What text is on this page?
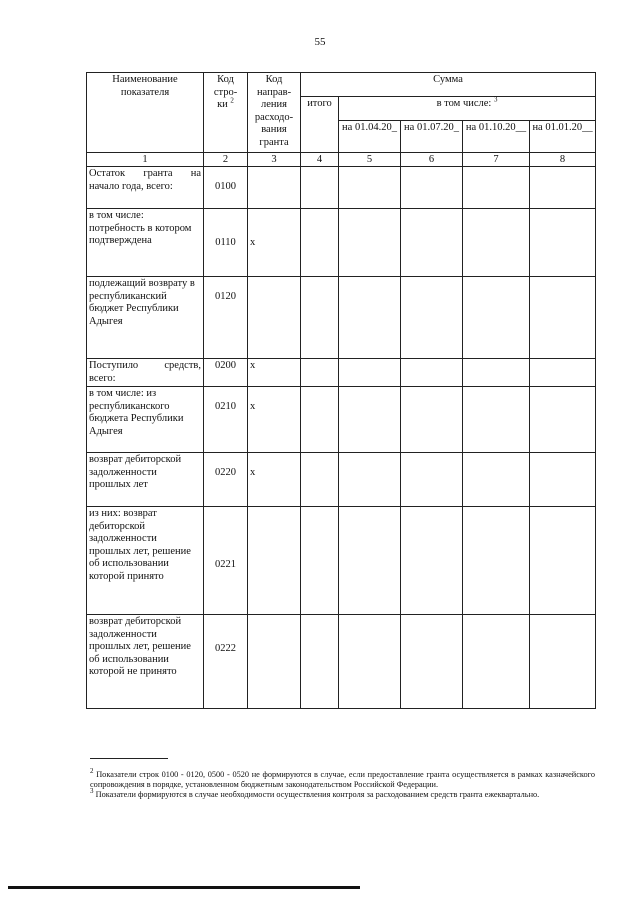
55
Наименование показателя	Код стро-ки $^2$	Код направ-ления расходо-вания гранта	Сумма				
			итого	в том числе: $^3$
				на 01.04.20_	на 01.07.20_	на 01.10.20__	на 01.01.20__
1	2	3	4	5	6	7	8
Остаток гранта на начало года, всего:	0100						
в том числе: потребность в котором подтверждена	0110	x					
подлежащий возврату в республиканский бюджет Республики Адыгея	0120						
Поступило средств, всего:	0200	x					
в том числе: из республиканского бюджета Республики Адыгея	0210	x					
возврат дебиторской задолженности прошлых лет	0220	x					
из них: возврат дебиторской задолженности прошлых лет, решение об использовании которой принято	0221						
возврат дебиторской задолженности прошлых лет, решение об использовании которой не принято	0222						

$^2$ Показатели строк 0100 - 0120, 0500 - 0520 не формируются в случае, если предоставление гранта осуществляется в рамках казначейского сопровождения в порядке, установленном бюджетным законодательством Российской Федерации.

$^3$ Показатели формируются в случае необходимости осуществления контроля за расходованием средств гранта ежеквартально.
